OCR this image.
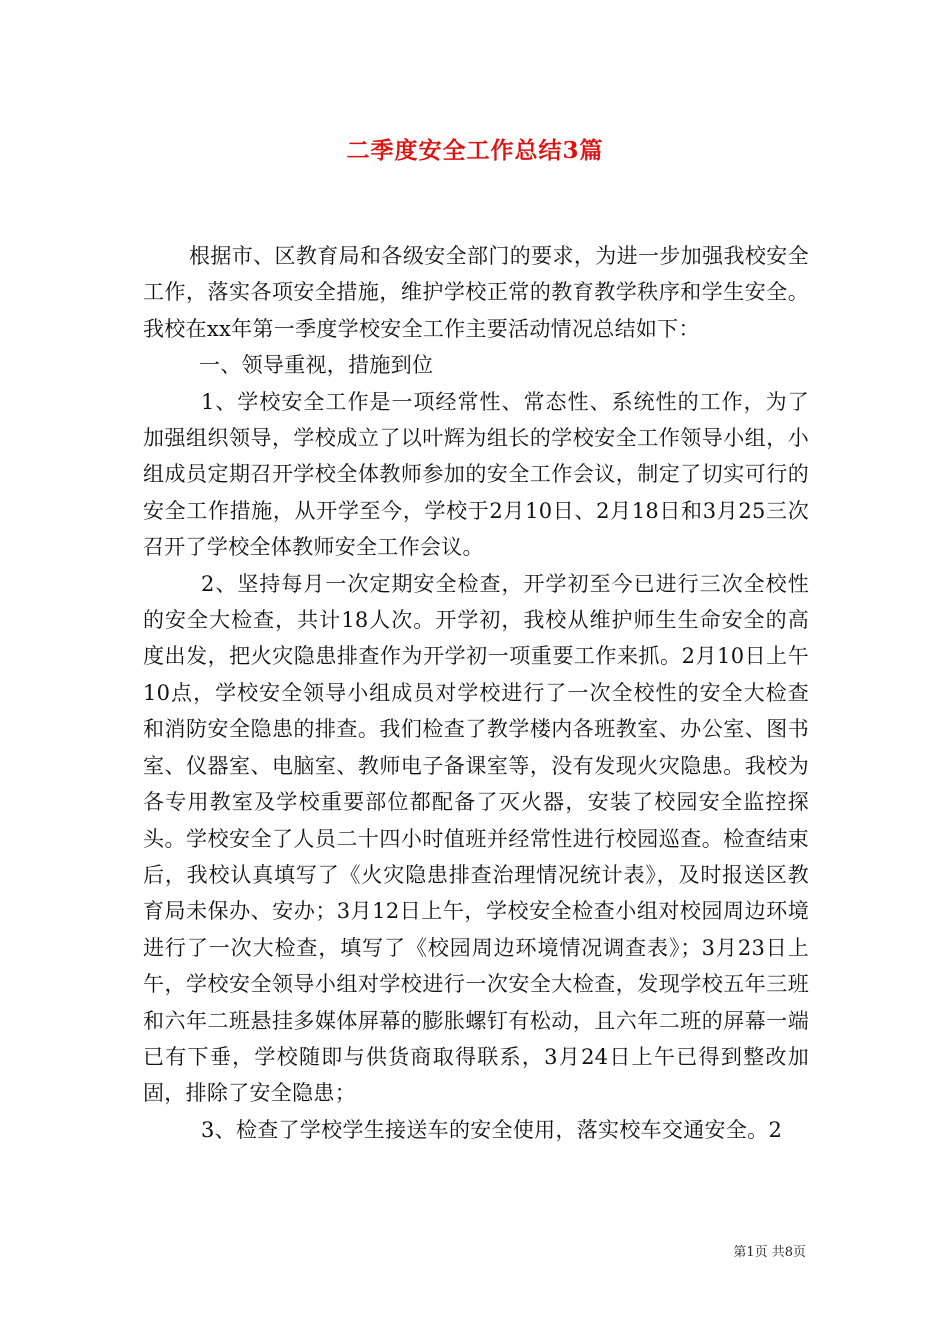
二季度安全工作总结3篇

根据市、区教育局和各级安全部门的要求，为进一步加强我校安全工作，落实各项安全措施，维护学校正常的教育教学秩序和学生安全。我校在xx年第一季度学校安全工作主要活动情况总结如下：

一、领导重视，措施到位

1、学校安全工作是一项经常性、常态性、系统性的工作，为了加强组织领导，学校成立了以叶辉为组长的学校安全工作领导小组，小组成员定期召开学校全体教师参加的安全工作会议，制定了切实可行的安全工作措施，从开学至今，学校于2月10日、2月18日和3月25三次召开了学校全体教师安全工作会议。

2、坚持每月一次定期安全检查，开学初至今已进行三次全校性的安全大检查，共计18人次。开学初，我校从维护师生生命安全的高度出发，把火灾隐患排查作为开学初一项重要工作来抓。2月10日上午10点，学校安全领导小组成员对学校进行了一次全校性的安全大检查和消防安全隐患的排查。我们检查了教学楼内各班教室、办公室、图书室、仪器室、电脑室、教师电子备课室等，没有发现火灾隐患。我校为各专用教室及学校重要部位都配备了灭火器，安装了校园安全监控探头。学校安全了人员二十四小时值班并经常性进行校园巡查。检查结束后，我校认真填写了《火灾隐患排查治理情况统计表》，及时报送区教育局未保办、安办；3月12日上午，学校安全检查小组对校园周边环境进行了一次大检查，填写了《校园周边环境情况调查表》；3月23日上午，学校安全领导小组对学校进行一次安全大检查，发现学校五年三班和六年二班悬挂多媒体屏幕的膨胀螺钉有松动，且六年二班的屏幕一端已有下垂，学校随即与供货商取得联系，3月24日上午已得到整改加固，排除了安全隐患；

3、检查了学校学生接送车的安全使用，落实校车交通安全。2

第1页 共8页
